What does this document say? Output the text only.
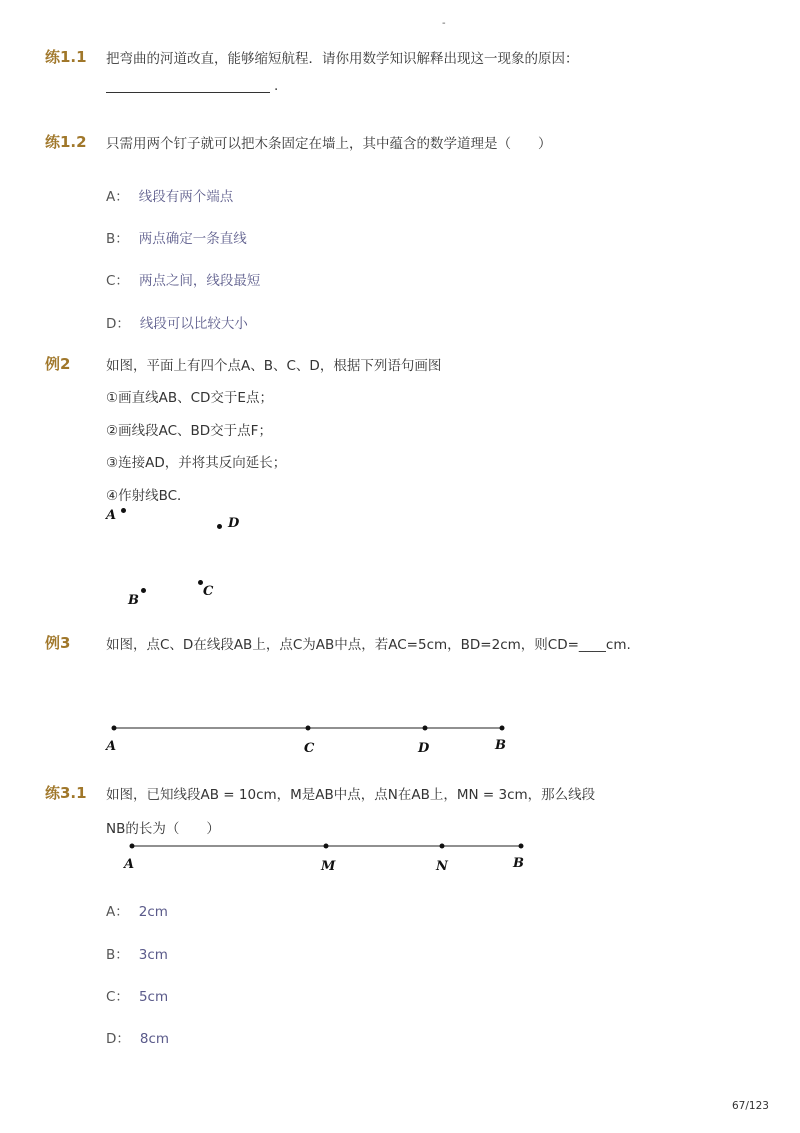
-
练1.1 把弯曲的河道改直，能够缩短航程．请你用数学知识解释出现这一现象的原因：
.
练1.2 只需用两个钉子就可以把木条固定在墙上，其中蕴含的数学道理是（　　）
A： 线段有两个端点
B： 两点确定一条直线
C： 两点之间，线段最短
D： 线段可以比较大小
例2	如图，平面上有四个点A、B、C、D，根据下列语句画图
①画直线AB、CD交于E点；
②画线段AC、BD交于点F；
③连接AD，并将其反向延长；
④作射线BC．
A
D
B
C
例3	如图，点C、D在线段AB上，点C为AB中点，若AC=5cm，BD=2cm，则CD=____cm.
A	C	D	B
练3.1 如图，已知线段AB = 10cm，M是AB中点，点N在AB上，MN = 3cm，那么线段
NB的长为（　　）
A	M	N	B
A： 2cm
B： 3cm
C： 5cm
D： 8cm
67/123
